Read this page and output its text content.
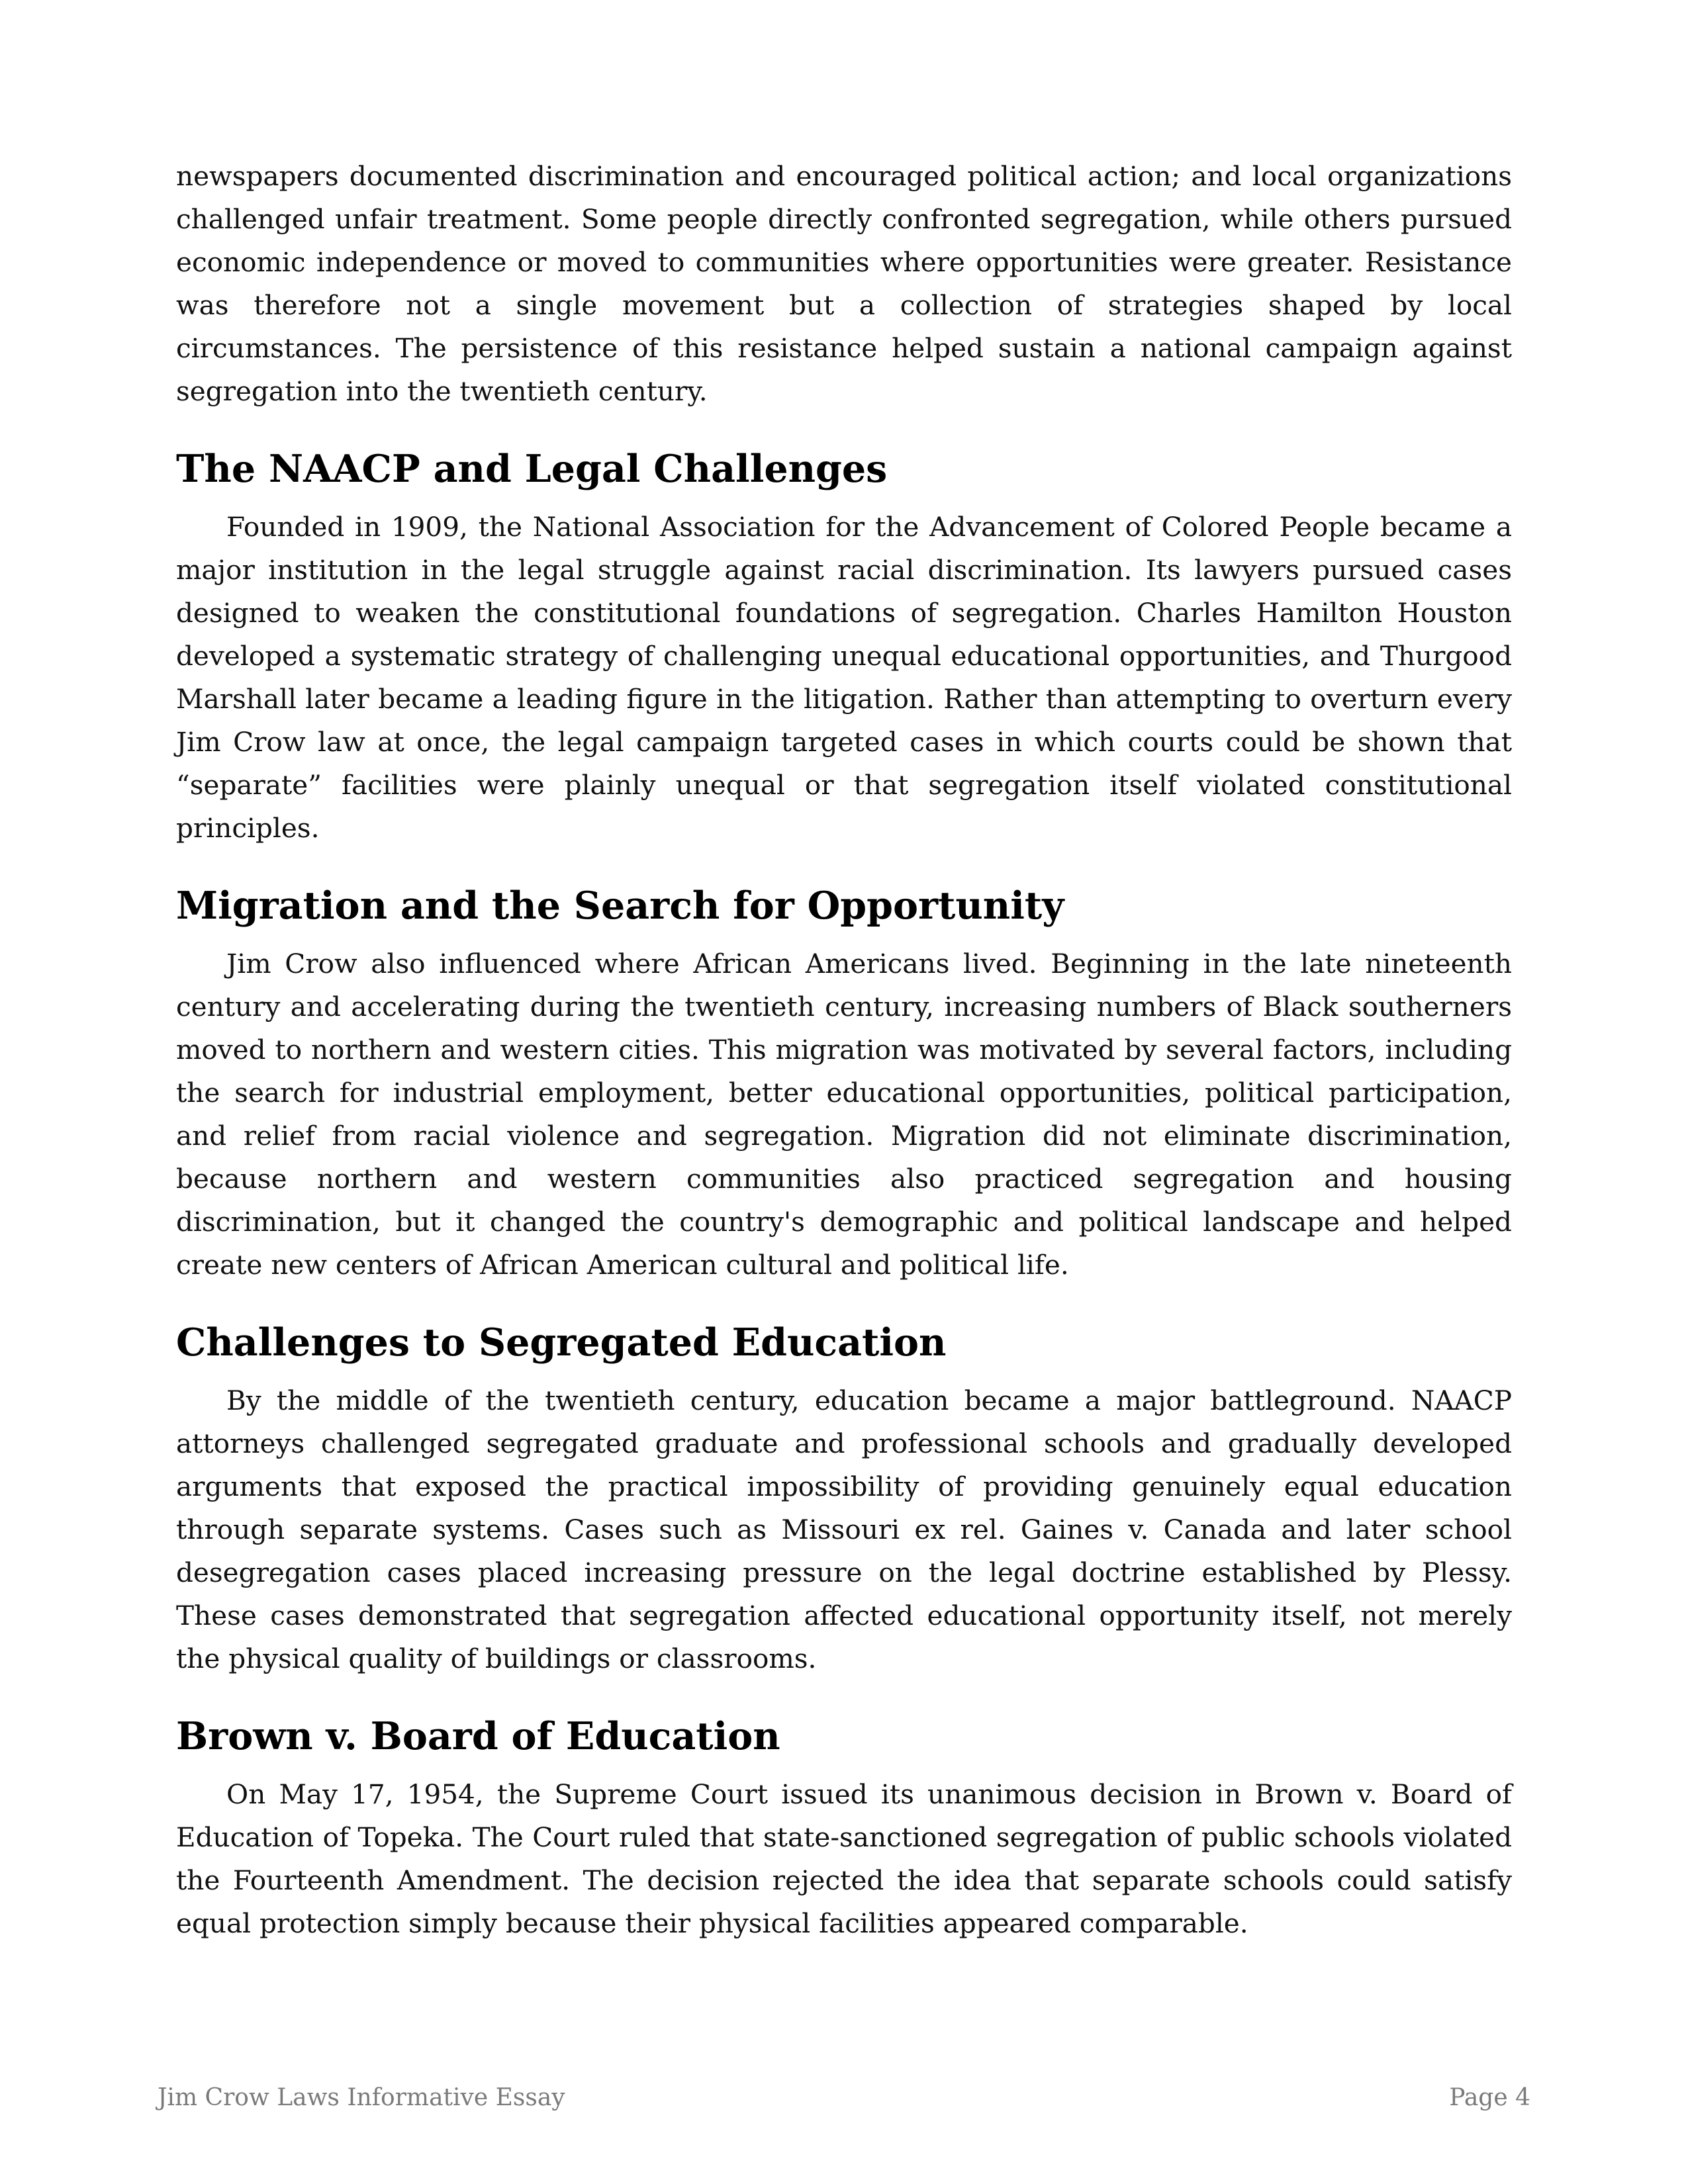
newspapers documented discrimination and encouraged political action; and local organizations challenged unfair treatment. Some people directly confronted segregation, while others pursued economic independence or moved to communities where opportunities were greater. Resistance was therefore not a single movement but a collection of strategies shaped by local circumstances. The persistence of this resistance helped sustain a national campaign against segregation into the twentieth century.

The NAACP and Legal Challenges

Founded in 1909, the National Association for the Advancement of Colored People became a major institution in the legal struggle against racial discrimination. Its lawyers pursued cases designed to weaken the constitutional foundations of segregation. Charles Hamilton Houston developed a systematic strategy of challenging unequal educational opportunities, and Thurgood Marshall later became a leading figure in the litigation. Rather than attempting to overturn every Jim Crow law at once, the legal campaign targeted cases in which courts could be shown that “separate” facilities were plainly unequal or that segregation itself violated constitutional principles.

Migration and the Search for Opportunity

Jim Crow also influenced where African Americans lived. Beginning in the late nineteenth century and accelerating during the twentieth century, increasing numbers of Black southerners moved to northern and western cities. This migration was motivated by several factors, including the search for industrial employment, better educational opportunities, political participation, and relief from racial violence and segregation. Migration did not eliminate discrimination, because northern and western communities also practiced segregation and housing discrimination, but it changed the country's demographic and political landscape and helped create new centers of African American cultural and political life.

Challenges to Segregated Education

By the middle of the twentieth century, education became a major battleground. NAACP attorneys challenged segregated graduate and professional schools and gradually developed arguments that exposed the practical impossibility of providing genuinely equal education through separate systems. Cases such as Missouri ex rel. Gaines v. Canada and later school desegregation cases placed increasing pressure on the legal doctrine established by Plessy. These cases demonstrated that segregation affected educational opportunity itself, not merely the physical quality of buildings or classrooms.

Brown v. Board of Education

On May 17, 1954, the Supreme Court issued its unanimous decision in Brown v. Board of Education of Topeka. The Court ruled that state-sanctioned segregation of public schools violated the Fourteenth Amendment. The decision rejected the idea that separate schools could satisfy equal protection simply because their physical facilities appeared comparable.

Jim Crow Laws Informative Essay	Page 4
